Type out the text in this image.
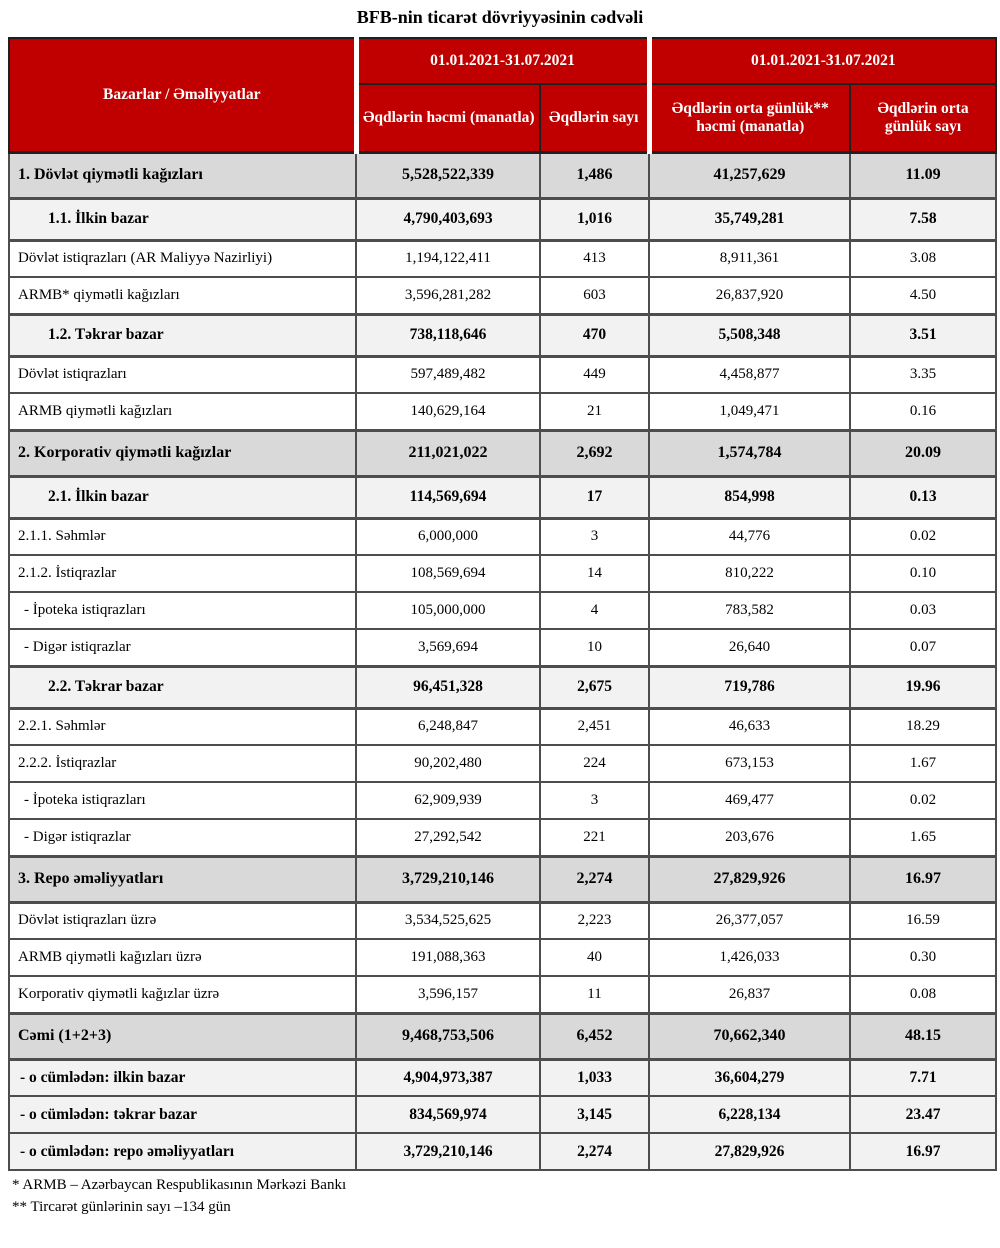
BFB-nin ticarət dövriyyəsinin cədvəli
Bazarlar / Əməliyyatlar	01.01.2021-31.07.2021		01.01.2021-31.07.2021	
	Əqdlərin həcmi (manatla)	Əqdlərin sayı	Əqdlərin orta günlük** həcmi (manatla)	Əqdlərin orta günlük sayı
1. Dövlət qiymətli kağızları	5,528,522,339	1,486	41,257,629	11.09
1.1. İlkin bazar	4,790,403,693	1,016	35,749,281	7.58
Dövlət istiqrazları (AR Maliyyə Nazirliyi)	1,194,122,411	413	8,911,361	3.08
ARMB* qiymətli kağızları	3,596,281,282	603	26,837,920	4.50
1.2. Təkrar bazar	738,118,646	470	5,508,348	3.51
Dövlət istiqrazları	597,489,482	449	4,458,877	3.35
ARMB qiymətli kağızları	140,629,164	21	1,049,471	0.16
2. Korporativ qiymətli kağızlar	211,021,022	2,692	1,574,784	20.09
2.1. İlkin bazar	114,569,694	17	854,998	0.13
2.1.1. Səhmlər	6,000,000	3	44,776	0.02
2.1.2. İstiqrazlar	108,569,694	14	810,222	0.10
- İpoteka istiqrazları	105,000,000	4	783,582	0.03
- Digər istiqrazlar	3,569,694	10	26,640	0.07
2.2. Təkrar bazar	96,451,328	2,675	719,786	19.96
2.2.1. Səhmlər	6,248,847	2,451	46,633	18.29
2.2.2. İstiqrazlar	90,202,480	224	673,153	1.67
- İpoteka istiqrazları	62,909,939	3	469,477	0.02
- Digər istiqrazlar	27,292,542	221	203,676	1.65
3. Repo əməliyyatları	3,729,210,146	2,274	27,829,926	16.97
Dövlət istiqrazları üzrə	3,534,525,625	2,223	26,377,057	16.59
ARMB qiymətli kağızları üzrə	191,088,363	40	1,426,033	0.30
Korporativ qiymətli kağızlar üzrə	3,596,157	11	26,837	0.08
Cəmi (1+2+3)	9,468,753,506	6,452	70,662,340	48.15
- o cümlədən: ilkin bazar	4,904,973,387	1,033	36,604,279	7.71
- o cümlədən: təkrar bazar	834,569,974	3,145	6,228,134	23.47
- o cümlədən: repo əməliyyatları	3,729,210,146	2,274	27,829,926	16.97
* ARMB – Azərbaycan Respublikasının Mərkəzi Bankı
** Tircarət günlərinin sayı –134 gün
